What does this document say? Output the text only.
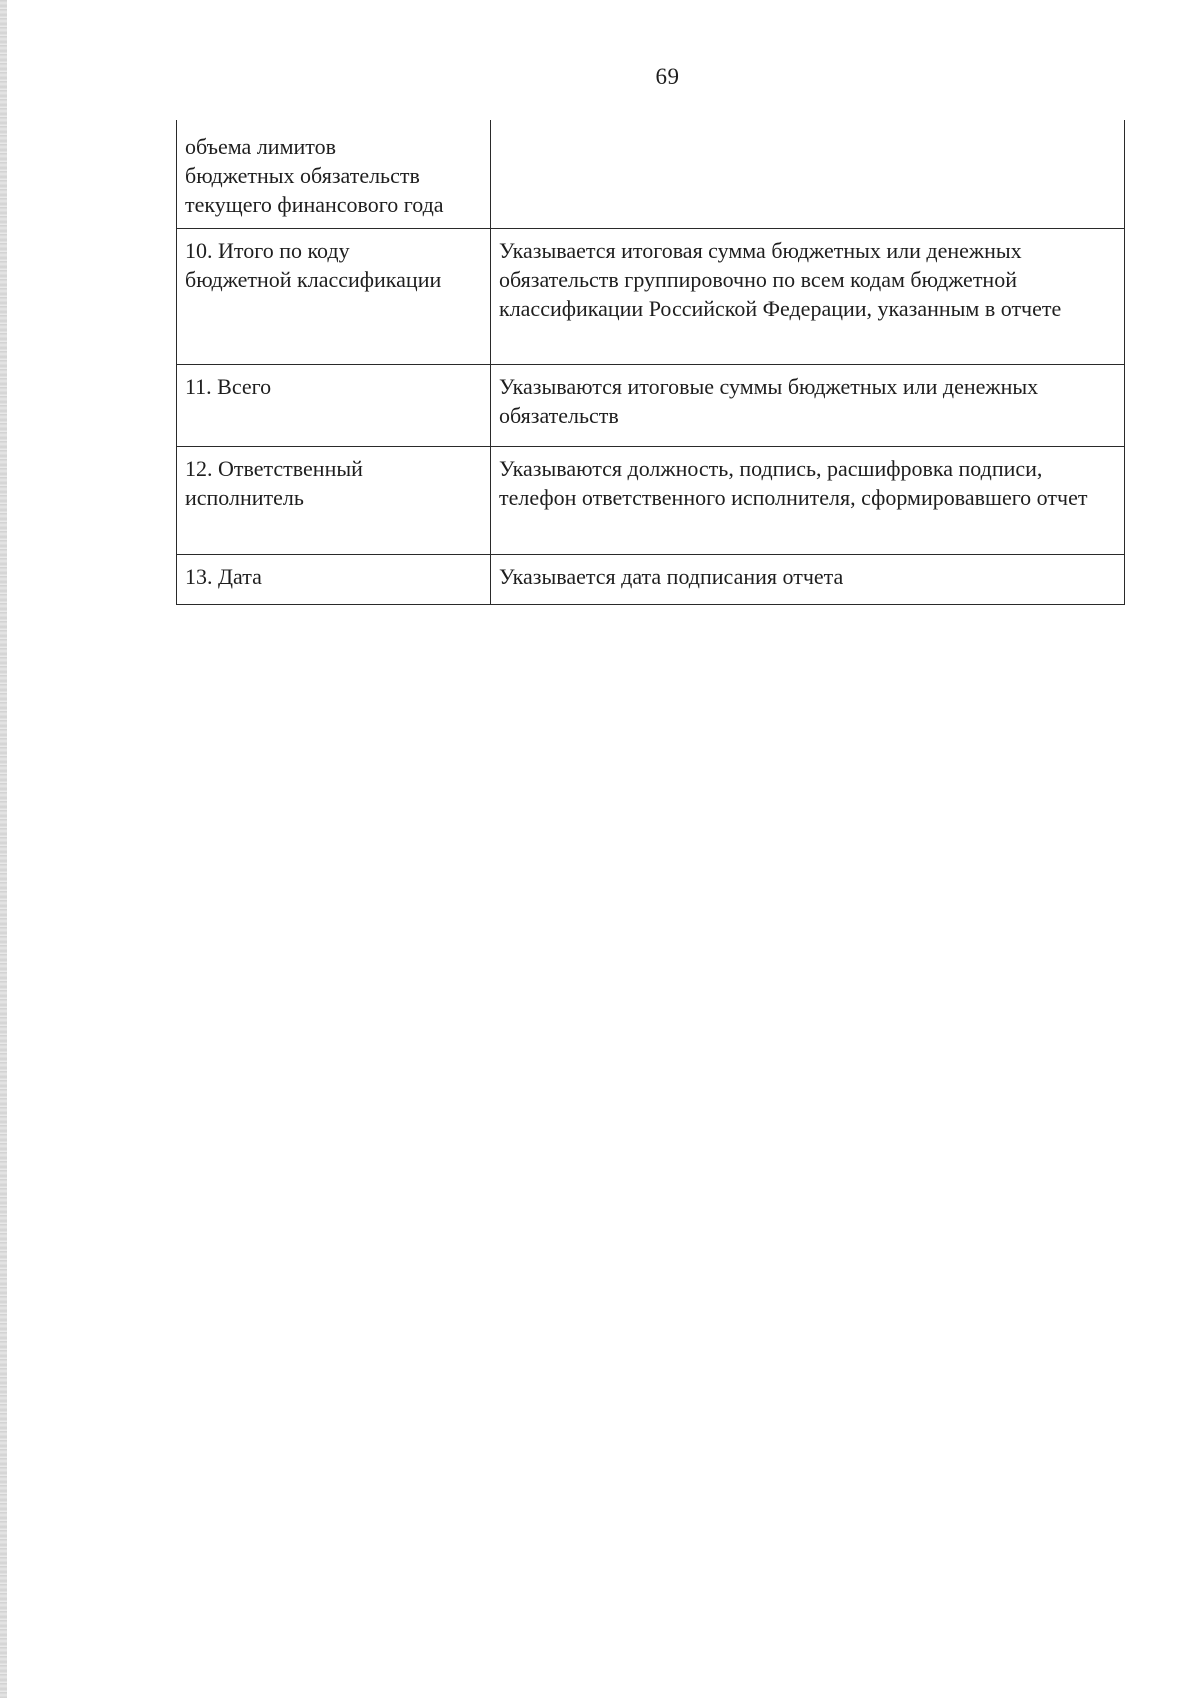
69
объема лимитов
бюджетных обязательств
текущего финансового года	
10. Итого по коду
бюджетной классификации	Указывается итоговая сумма бюджетных или денежных обязательств группировочно по всем кодам бюджетной классификации Российской Федерации, указанным в отчете
11. Всего	Указываются итоговые суммы бюджетных или денежных обязательств
12. Ответственный
исполнитель	Указываются должность, подпись, расшифровка подписи, телефон ответственного исполнителя, сформировавшего отчет
13. Дата	Указывается дата подписания отчета
